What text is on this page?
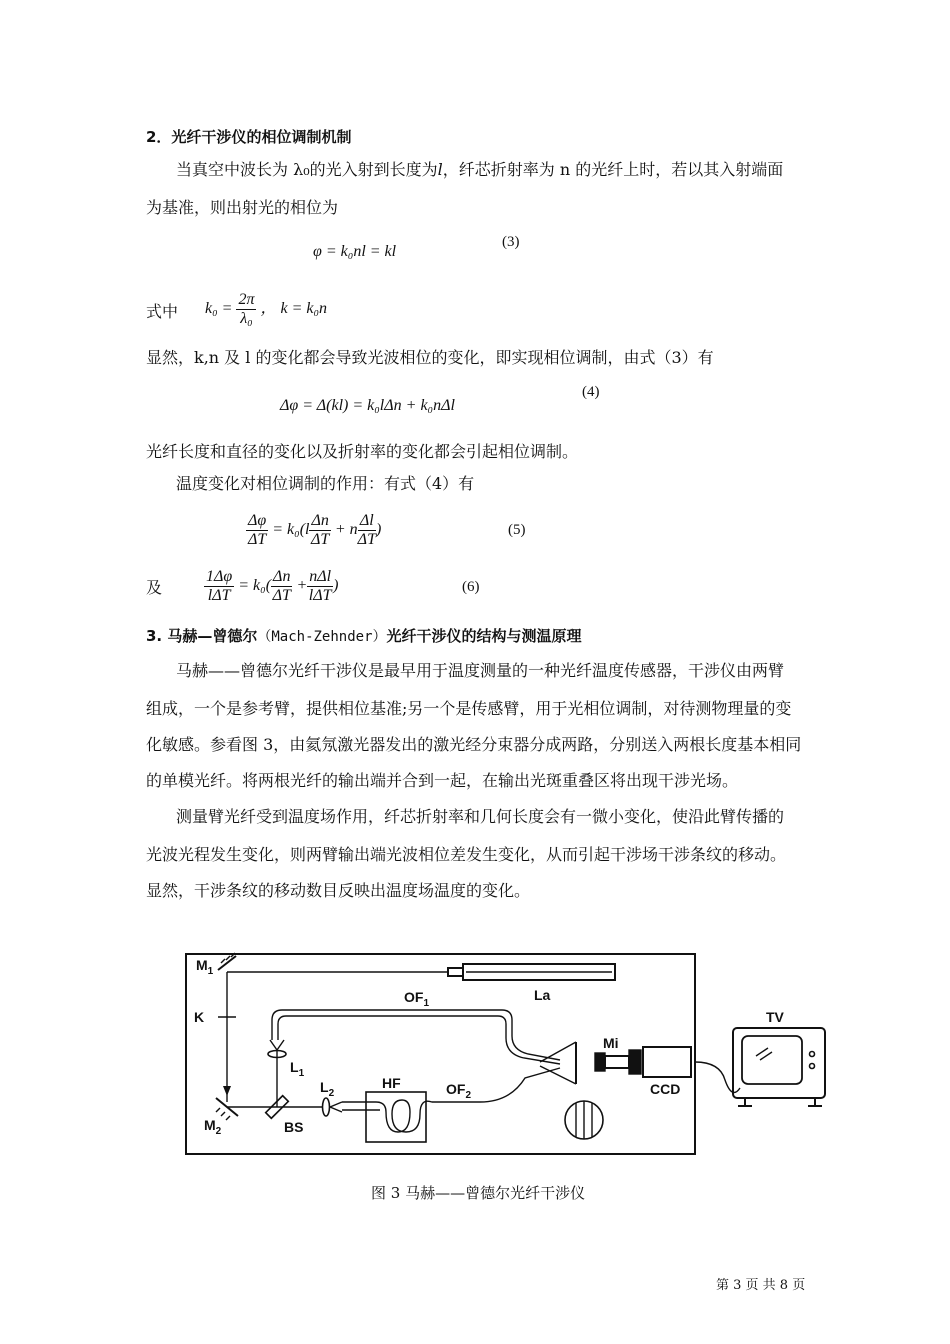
2．光纤干涉仪的相位调制机制
当真空中波长为 λ₀的光入射到长度为l，纤芯折射率为 n 的光纤上时，若以其入射端面
为基准，则出射光的相位为
φ = k₀nl = kl
(3)
式中 $k_0 = \frac{2\pi}{\text{λ₀}}$ ， k = k₀n
显然，k,n 及 l 的变化都会导致光波相位的变化，即实现相位调制，由式（3）有
Δφ = Δ(kl) = k₀lΔn + k₀nΔl
(4)
光纤长度和直径的变化以及折射率的变化都会引起相位调制。
温度变化对相位调制的作用：有式（4）有
$\frac{\Delta\varphi}{\Delta T} = k_0(l \frac{\Delta n}{\Delta T} + n \frac{\Delta l}{\Delta T}$ )	(5)
及	$\frac{1\Delta\varphi}{\text{lΔT}} = k_0( \frac{\Delta n}{\Delta T} + \frac{\text{nΔl}}{\text{lΔT}}$ )	(6)
3. 马赫—曾德尔（Mach-Zehnder）光纤干涉仪的结构与测温原理
马赫——曾德尔光纤干涉仪是最早用于温度测量的一种光纤温度传感器，干涉仪由两臂
组成，一个是参考臂，提供相位基准;另一个是传感臂，用于光相位调制，对待测物理量的变
化敏感。参看图 3，由氦氖激光器发出的激光经分束器分成两路，分别送入两根长度基本相同
的单模光纤。将两根光纤的输出端并合到一起，在输出光斑重叠区将出现干涉光场。
测量臂光纤受到温度场作用，纤芯折射率和几何长度会有一微小变化，使沿此臂传播的
光波光程发生变化，则两臂输出端光波相位差发生变化，从而引起干涉场干涉条纹的移动。
显然，干涉条纹的移动数目反映出温度场温度的变化。
$M_1$
K
$M_2$
La
$OF_1$
$L_1$
$L_2$
HF	$OF_2$
BS
Mi
CCD
TV
图 3 马赫——曾德尔光纤干涉仪
第 3 页 共 8 页
